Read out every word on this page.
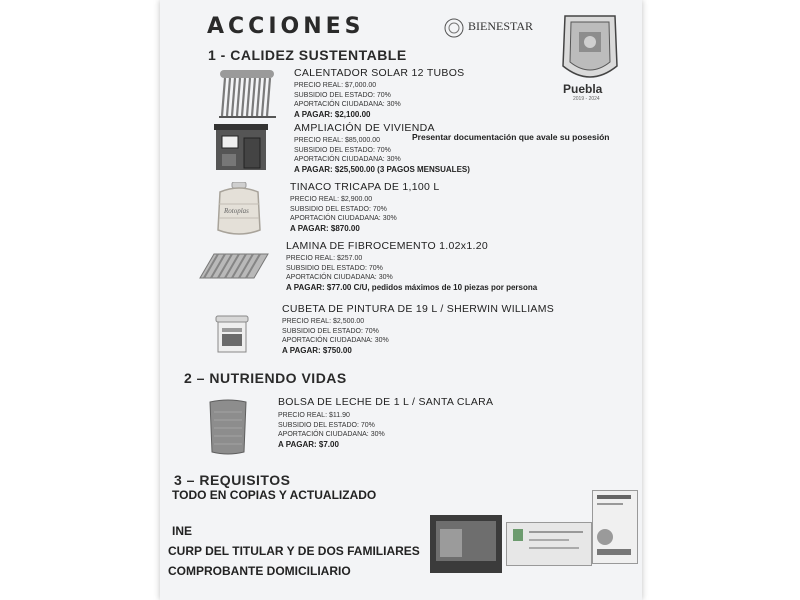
ACCIONES	BIENESTAR
Puebla
2019 - 2024
1 - CALIDEZ SUSTENTABLE
CALENTADOR SOLAR 12 TUBOS
PRECIO REAL: $7,000.00
SUBSIDIO DEL ESTADO: 70%
APORTACIÓN CIUDADANA: 30%
A PAGAR: $2,100.00
AMPLIACIÓN DE VIVIENDA
PRECIO REAL: $85,000.00
SUBSIDIO DEL ESTADO: 70%
APORTACIÓN CIUDADANA: 30%
A PAGAR: $25,500.00 (3 PAGOS MENSUALES)
Presentar documentación que avale su posesión
Rotoplas
TINACO TRICAPA DE 1,100 L
PRECIO REAL: $2,900.00
SUBSIDIO DEL ESTADO: 70%
APORTACIÓN CIUDADANA: 30%
A PAGAR: $870.00
LAMINA DE FIBROCEMENTO 1.02x1.20
PRECIO REAL: $257.00
SUBSIDIO DEL ESTADO: 70%
APORTACIÓN CIUDADANA: 30%
A PAGAR: $77.00 C/U, pedidos máximos de 10 piezas por persona
CUBETA DE PINTURA DE 19 L / SHERWIN WILLIAMS
PRECIO REAL: $2,500.00
SUBSIDIO DEL ESTADO: 70%
APORTACIÓN CIUDADANA: 30%
A PAGAR: $750.00
2 – NUTRIENDO VIDAS
BOLSA DE LECHE DE 1 L / SANTA CLARA
PRECIO REAL: $11.90
SUBSIDIO DEL ESTADO: 70%
APORTACIÓN CIUDADANA: 30%
A PAGAR: $7.00
3 – REQUISITOS
TODO EN COPIAS Y ACTUALIZADO
INE
CURP DEL TITULAR Y DE DOS FAMILIARES
COMPROBANTE DOMICILIARIO
